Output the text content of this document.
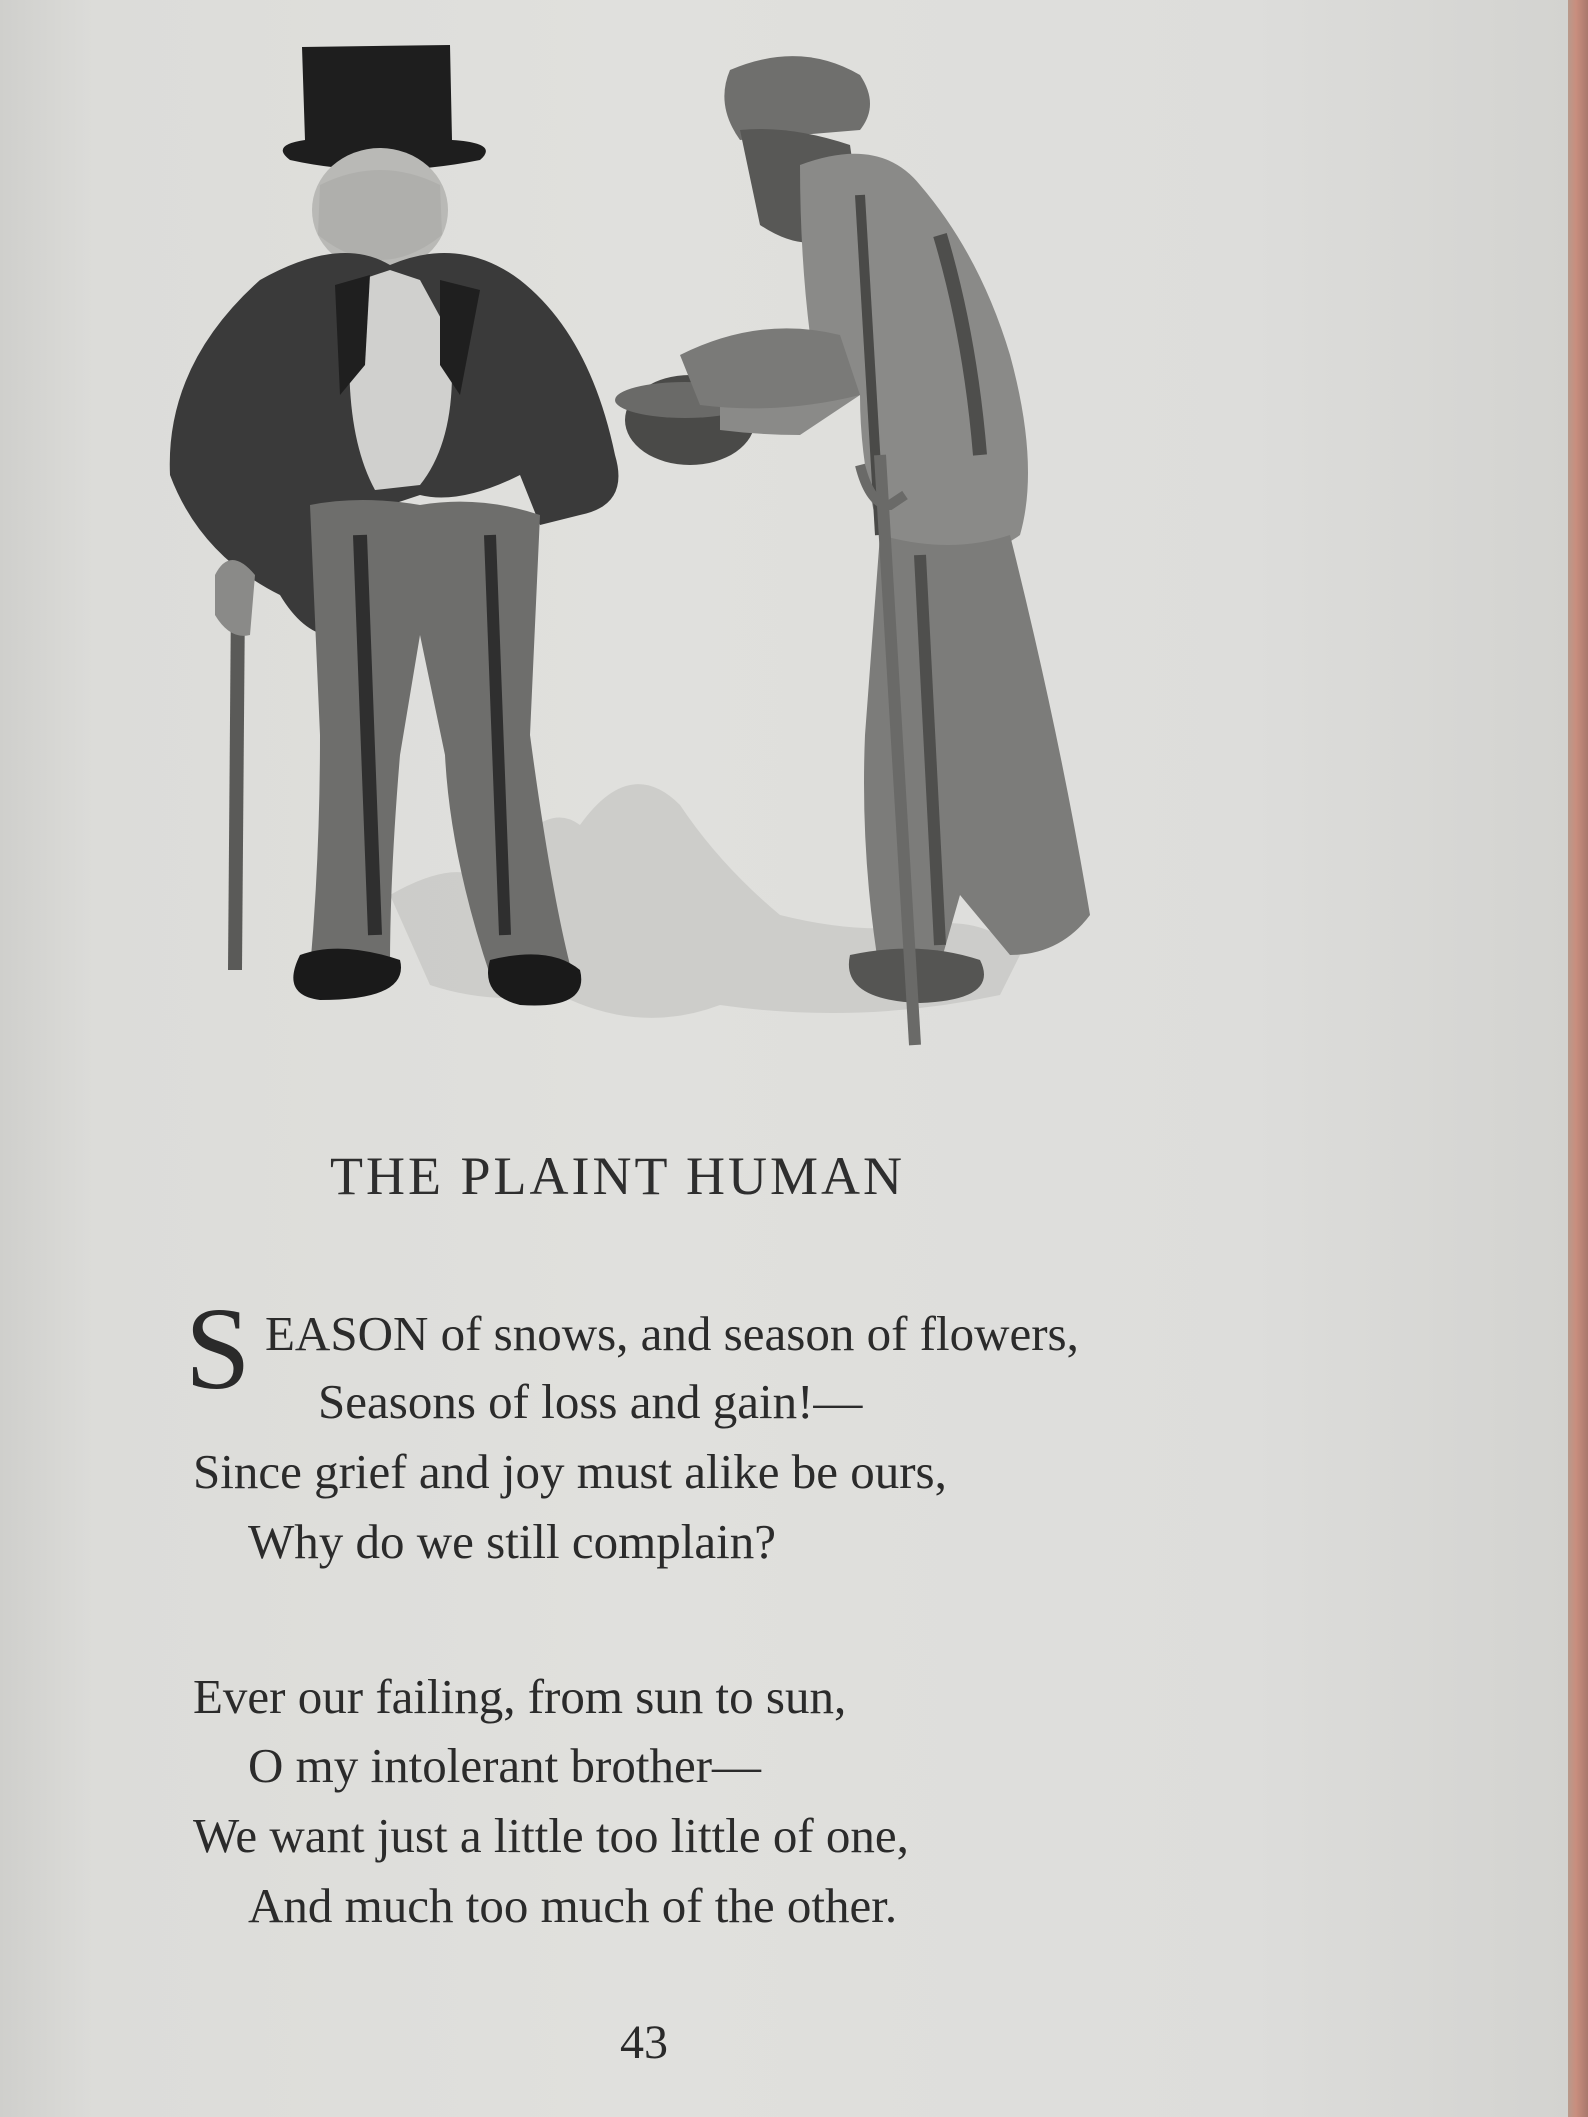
THE PLAINT HUMAN
S EASON of snows, and season of flowers,
Seasons of loss and gain!—
Since grief and joy must alike be ours,
Why do we still complain?
Ever our failing, from sun to sun,
O my intolerant brother—
We want just a little too little of one,
And much too much of the other.
43
